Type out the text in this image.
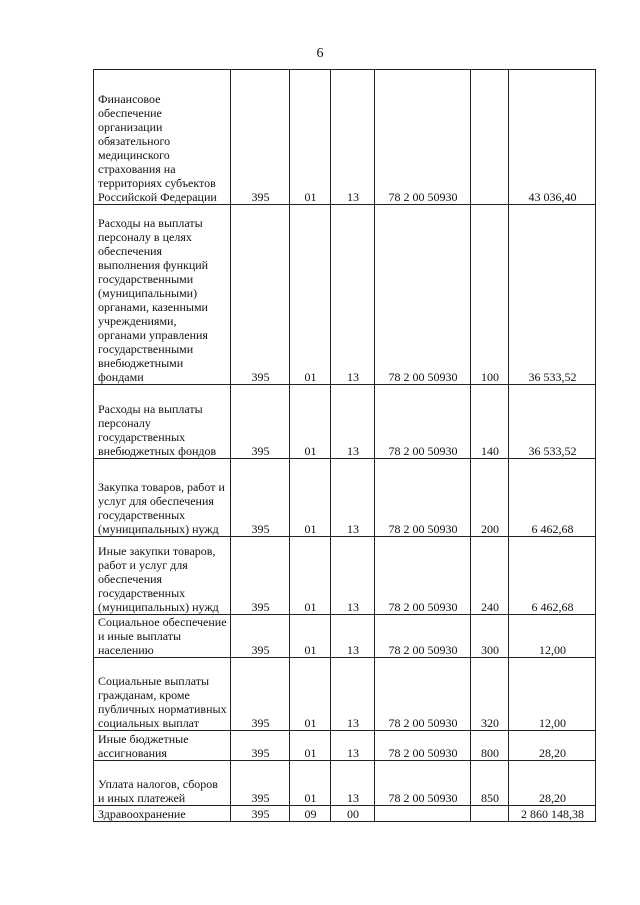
6
Финансовое обеспечение организации обязательного медицинского страхования на территориях субъектов Российской Федерации	395	01	13	78 2 00 50930		43 036,40
Расходы на выплаты персоналу в целях обеспечения выполнения функций государственными (муниципальными) органами, казенными учреждениями, органами управления государственными внебюджетными фондами	395	01	13	78 2 00 50930	100	36 533,52
Расходы на выплаты персоналу государственных внебюджетных фондов	395	01	13	78 2 00 50930	140	36 533,52
Закупка товаров, работ и услуг для обеспечения государственных (муниципальных) нужд	395	01	13	78 2 00 50930	200	6 462,68
Иные закупки товаров, работ и услуг для обеспечения государственных (муниципальных) нужд	395	01	13	78 2 00 50930	240	6 462,68
Социальное обеспечение и иные выплаты населению	395	01	13	78 2 00 50930	300	12,00
Социальные выплаты гражданам, кроме публичных нормативных социальных выплат	395	01	13	78 2 00 50930	320	12,00
Иные бюджетные ассигнования	395	01	13	78 2 00 50930	800	28,20
Уплата налогов, сборов и иных платежей	395	01	13	78 2 00 50930	850	28,20
Здравоохранение	395	09	00			2 860 148,38
